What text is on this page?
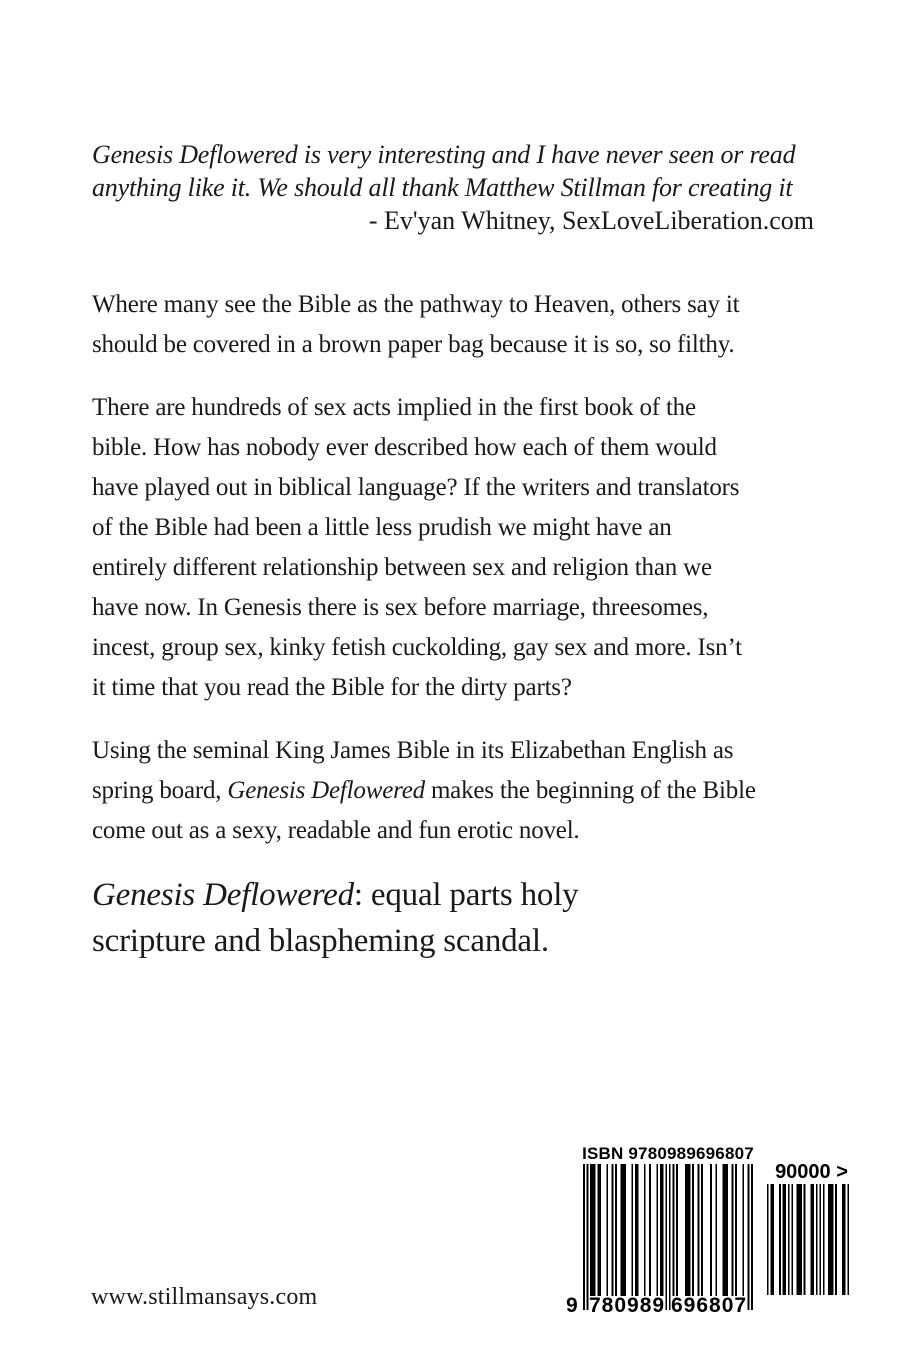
Genesis Deflowered is very interesting and I have never seen or read
anything like it. We should all thank Matthew Stillman for creating it
- Ev'yan Whitney, SexLoveLiberation.com
Where many see the Bible as the pathway to Heaven, others say it
should be covered in a brown paper bag because it is so, so filthy.
There are hundreds of sex acts implied in the first book of the
bible. How has nobody ever described how each of them would
have played out in biblical language? If the writers and translators
of the Bible had been a little less prudish we might have an
entirely different relationship between sex and religion than we
have now. In Genesis there is sex before marriage, threesomes,
incest, group sex, kinky fetish cuckolding, gay sex and more. Isn’t
it time that you read the Bible for the dirty parts?
Using the seminal King James Bible in its Elizabethan English as
spring board, Genesis Deflowered makes the beginning of the Bible
come out as a sexy, readable and fun erotic novel.
Genesis Deflowered: equal parts holy
scripture and blaspheming scandal.
www.stillmansays.com
ISBN 9780989696807
9 780989 696807
90000 >
